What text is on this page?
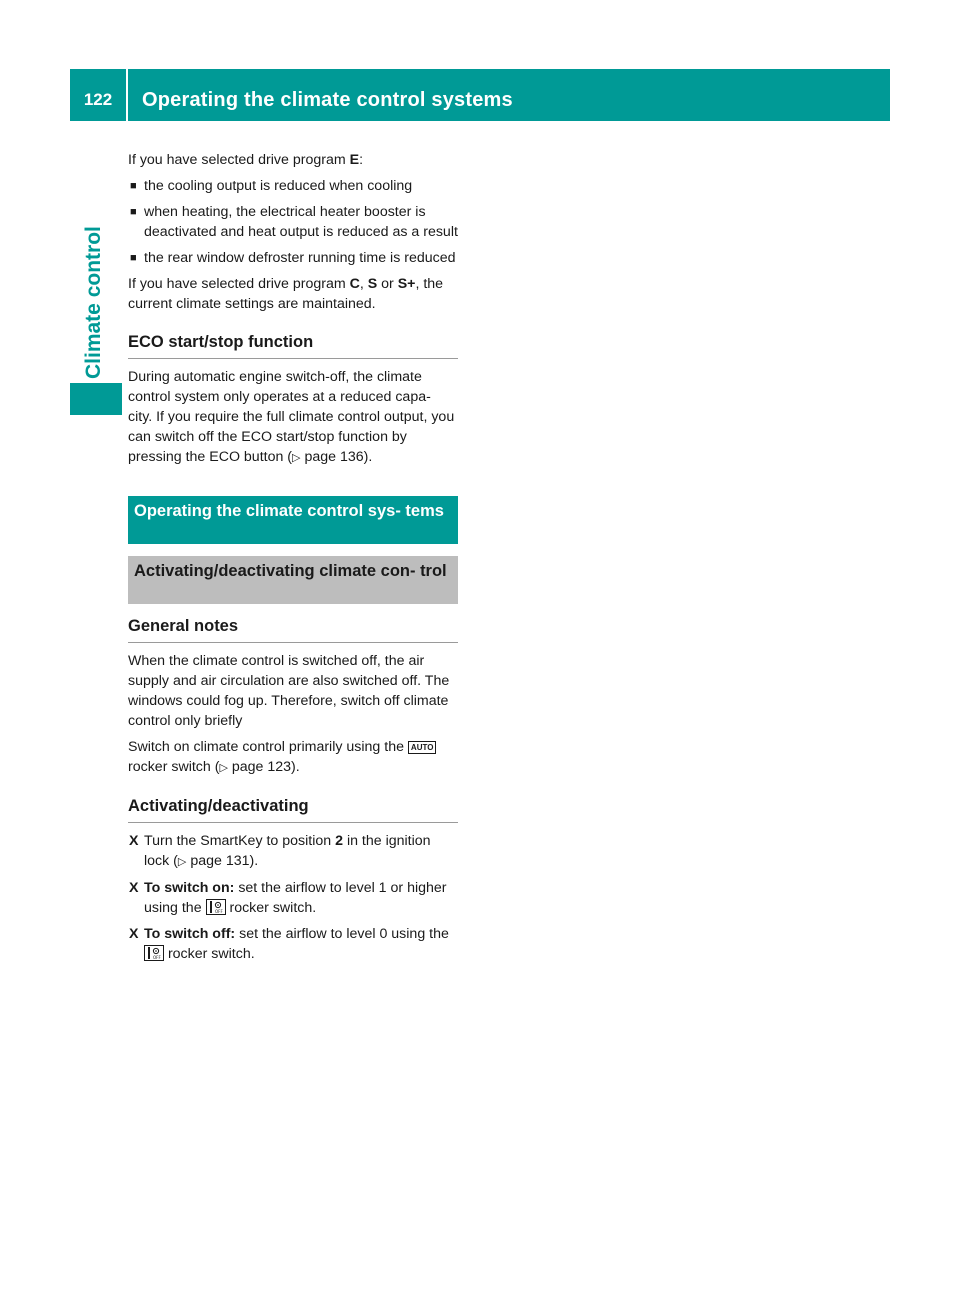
122	Operating the climate control systems
Climate control

If you have selected drive program E:

■ the cooling output is reduced when cooling
■ when heating, the electrical heater booster is deactivated and heat output is reduced as a result
■ the rear window defroster running time is reduced

If you have selected drive program C, S or S+, the current climate settings are maintained.

ECO start/stop function

During automatic engine switch-off, the climate control system only operates at a reduced capa- city. If you require the full climate control output, you can switch off the ECO start/stop function by pressing the ECO button (▷ page 136).

Operating the climate control sys- tems
Activating/deactivating climate con- trol
General notes

When the climate control is switched off, the air supply and air circulation are also switched off. The windows could fog up. Therefore, switch off climate control only briefly

Switch on climate control primarily using the AUTO rocker switch (▷ page 123).

Activating/deactivating
X Turn the SmartKey to position 2 in the ignition lock (▷ page 131).
X To switch on: set the airflow to level 1 or higher using the OFF rocker switch.
X To switch off: set the airflow to level 0 using the
OFF rocker switch.
